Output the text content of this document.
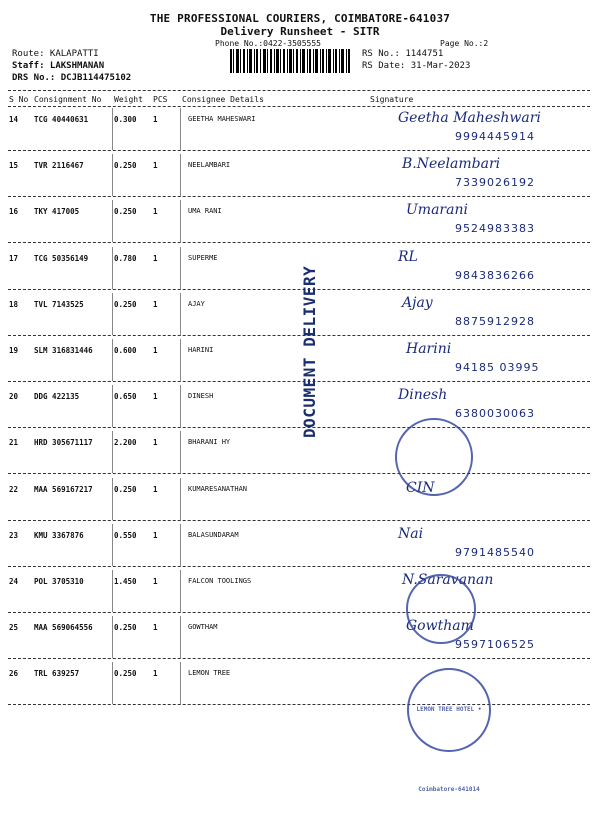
THE PROFESSIONAL COURIERS, COIMBATORE-641037
Delivery Runsheet - SITR
Phone No.:0422-3505555	Page No.:2
Route: KALAPATTI
Staff: LAKSHMANAN
DRS No.: DCJB114475102
RS No.: 1144751
RS Date: 31-Mar-2023
S No Consignment No Weight PCS Consignee Details	Signature
14 TCG 40440631	0.300 1	GEETHA MAHESWARI	Geetha Maheshwari
9994445914
15 TVR 2116467	0.250 1	NEELAMBARI	B.Neelambari
7339026192
16 TKY 417005	0.250 1	UMA RANI	Umarani
9524983383
17 TCG 50356149	0.780 1	SUPERME	RL
9843836266
18 TVL 7143525	0.250 1	AJAY	Ajay
8875912928
19 SLM 316831446	0.600 1	HARINI	Harini
94185 03995
20 DDG 422135	0.650 1	DINESH	Dinesh
6380030063
21 HRD 305671117	2.200 1	BHARANI HY
22 MAA 569167217	0.250 1	KUMARESANATHAN	CIN
23 KMU 3367876	0.550 1	BALASUNDARAM	Nai
9791485540
24 POL 3705310	1.450 1	FALCON TOOLINGS	N.Saravanan
25 MAA 569064556	0.250 1	GOWTHAM	Gowtham
9597106525
26 TRL 639257	0.250 1	LEMON TREE
DOCUMENT DELIVERY
LEMON TREE HOTEL • Coimbatore-641014
